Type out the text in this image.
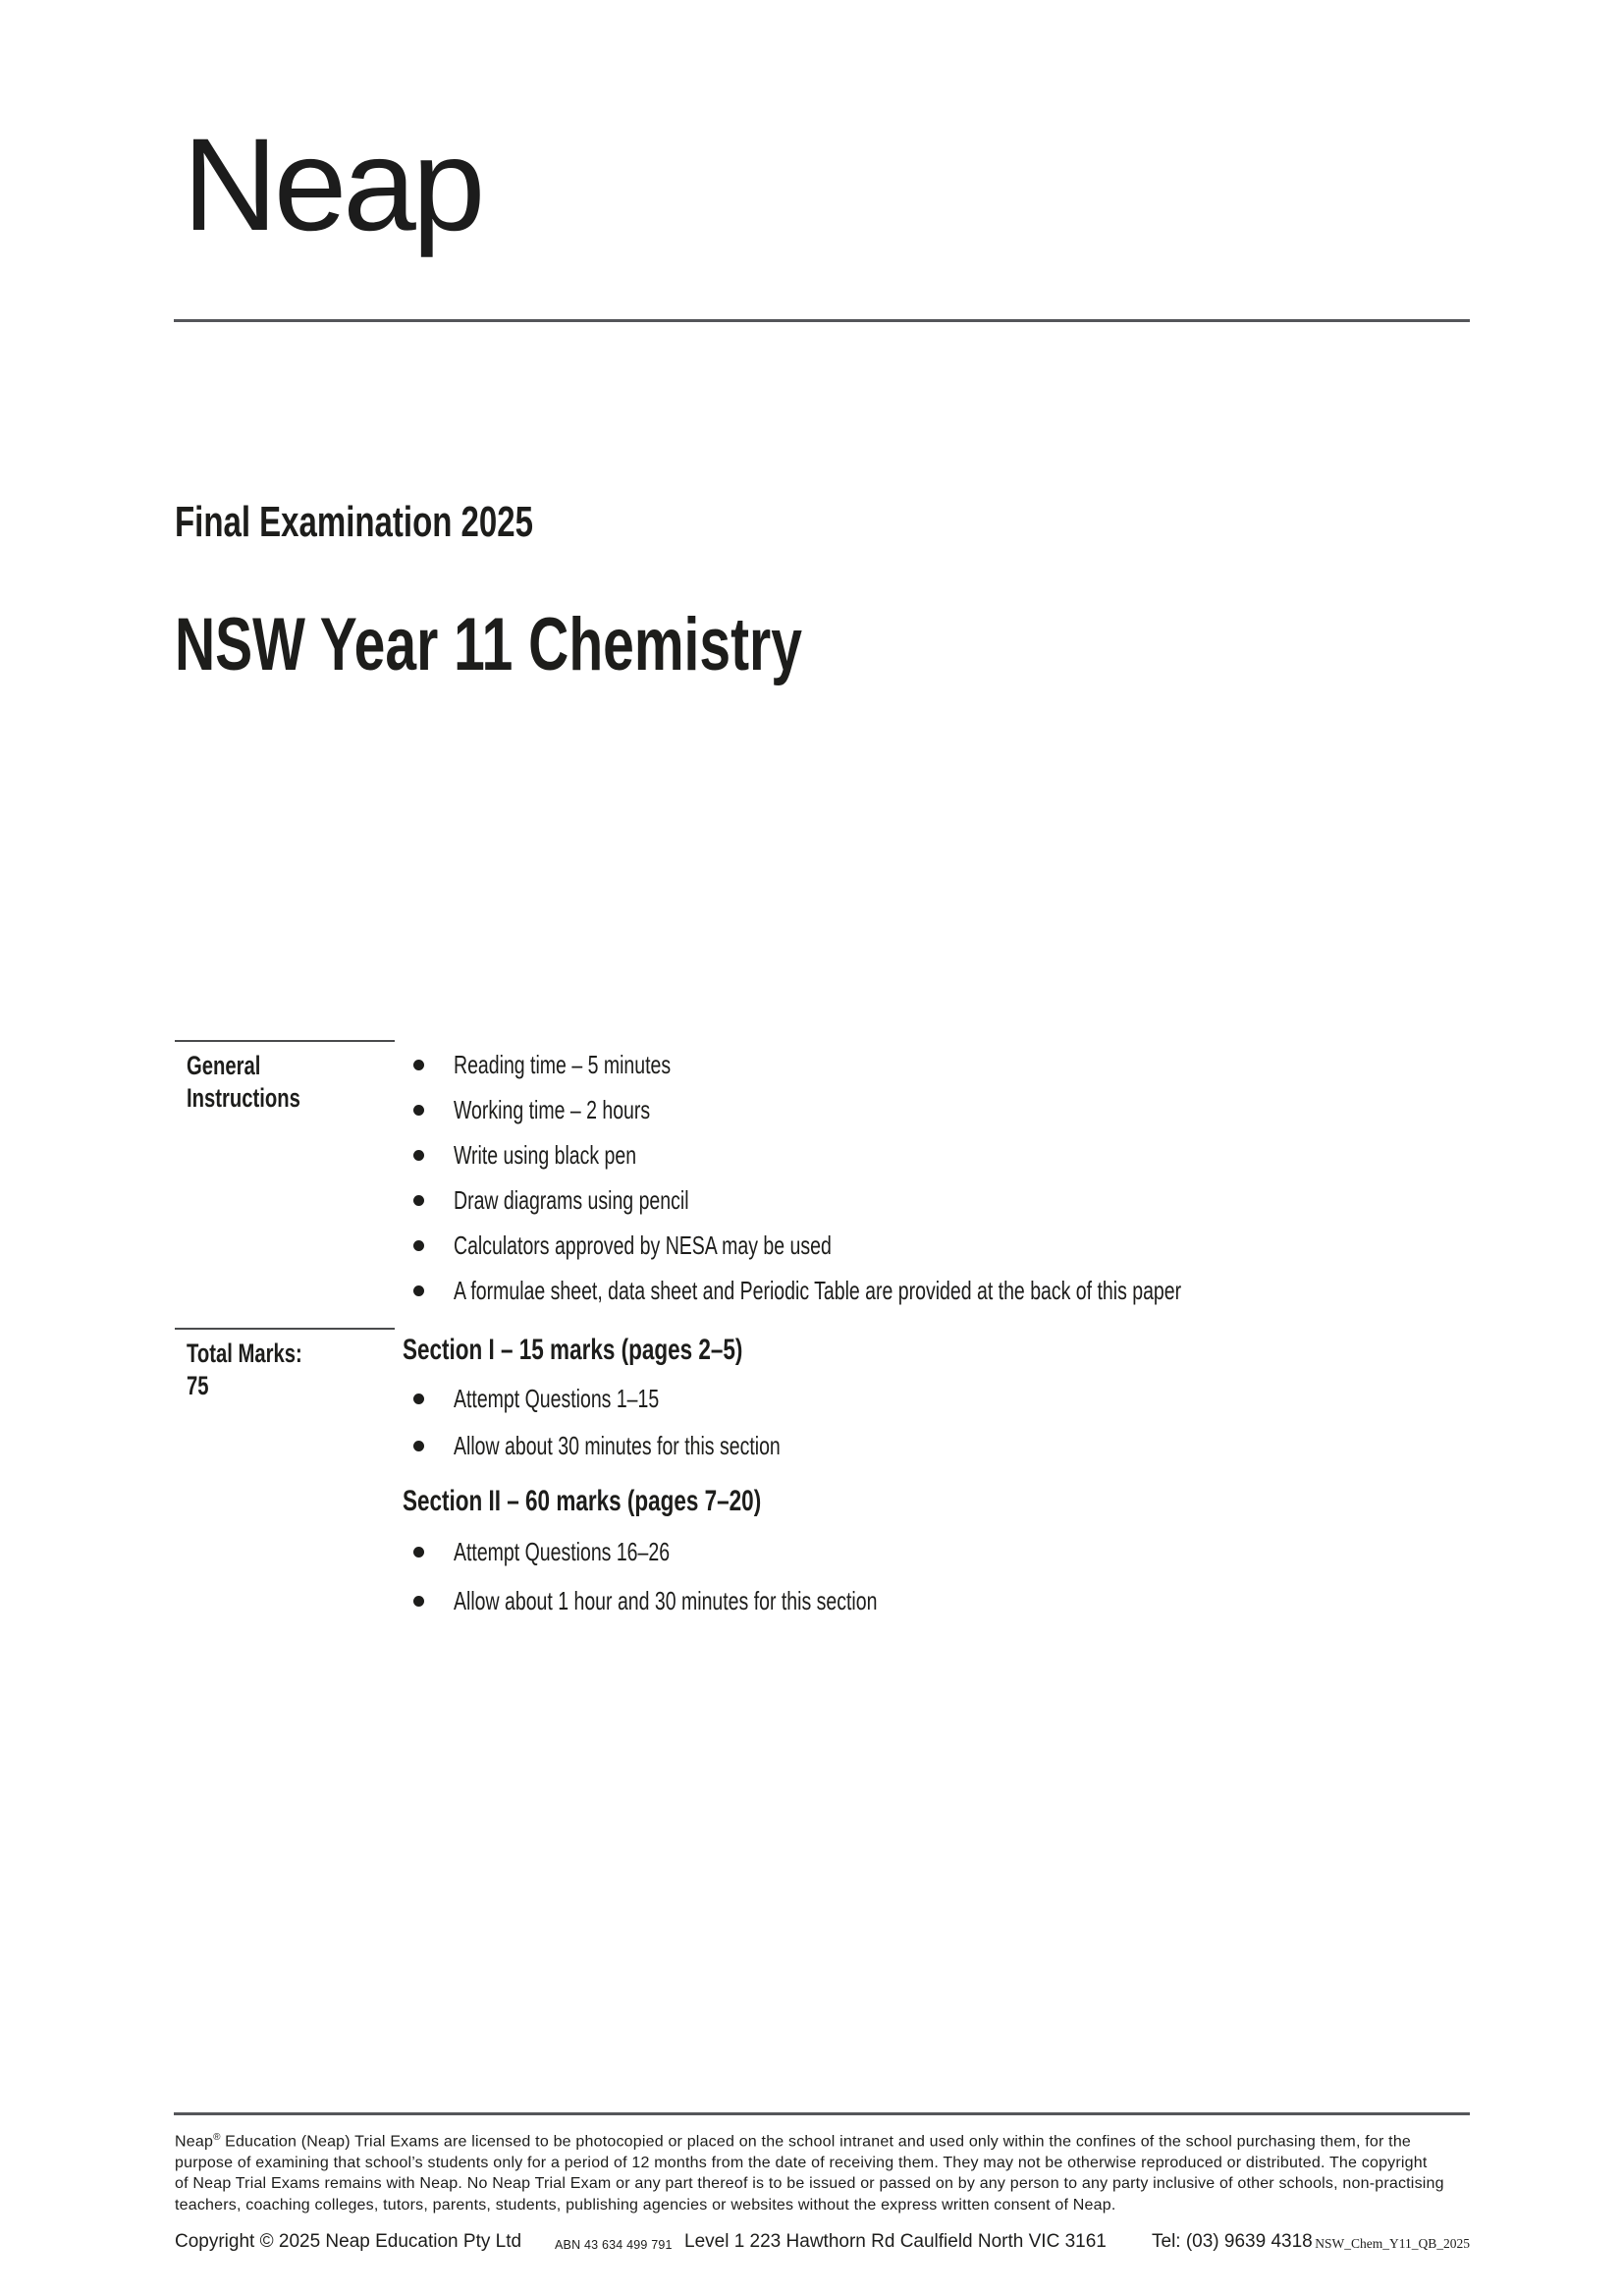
Neap
Final Examination 2025
NSW Year 11 Chemistry
General
Instructions
Reading time – 5 minutes
Working time – 2 hours
Write using black pen
Draw diagrams using pencil
Calculators approved by NESA may be used
A formulae sheet, data sheet and Periodic Table are provided at the back of this paper
Total Marks:
75
Section I – 15 marks (pages 2–5)
Attempt Questions 1–15
Allow about 30 minutes for this section
Section II – 60 marks (pages 7–20)
Attempt Questions 16–26
Allow about 1 hour and 30 minutes for this section

Neap® Education (Neap) Trial Exams are licensed to be photocopied or placed on the school intranet and used only within the confines of the school purchasing them, for the

purpose of examining that school’s students only for a period of 12 months from the date of receiving them. They may not be otherwise reproduced or distributed. The copyright

of Neap Trial Exams remains with Neap. No Neap Trial Exam or any part thereof is to be issued or passed on by any person to any party inclusive of other schools, non-practising

teachers, coaching colleges, tutors, parents, students, publishing agencies or websites without the express written consent of Neap.

Copyright © 2025 Neap Education Pty Ltd	ABN 43 634 499 791 Level 1 223 Hawthorn Rd Caulfield North VIC 3161 Tel: (03) 9639 4318 NSW_Chem_Y11_QB_2025
